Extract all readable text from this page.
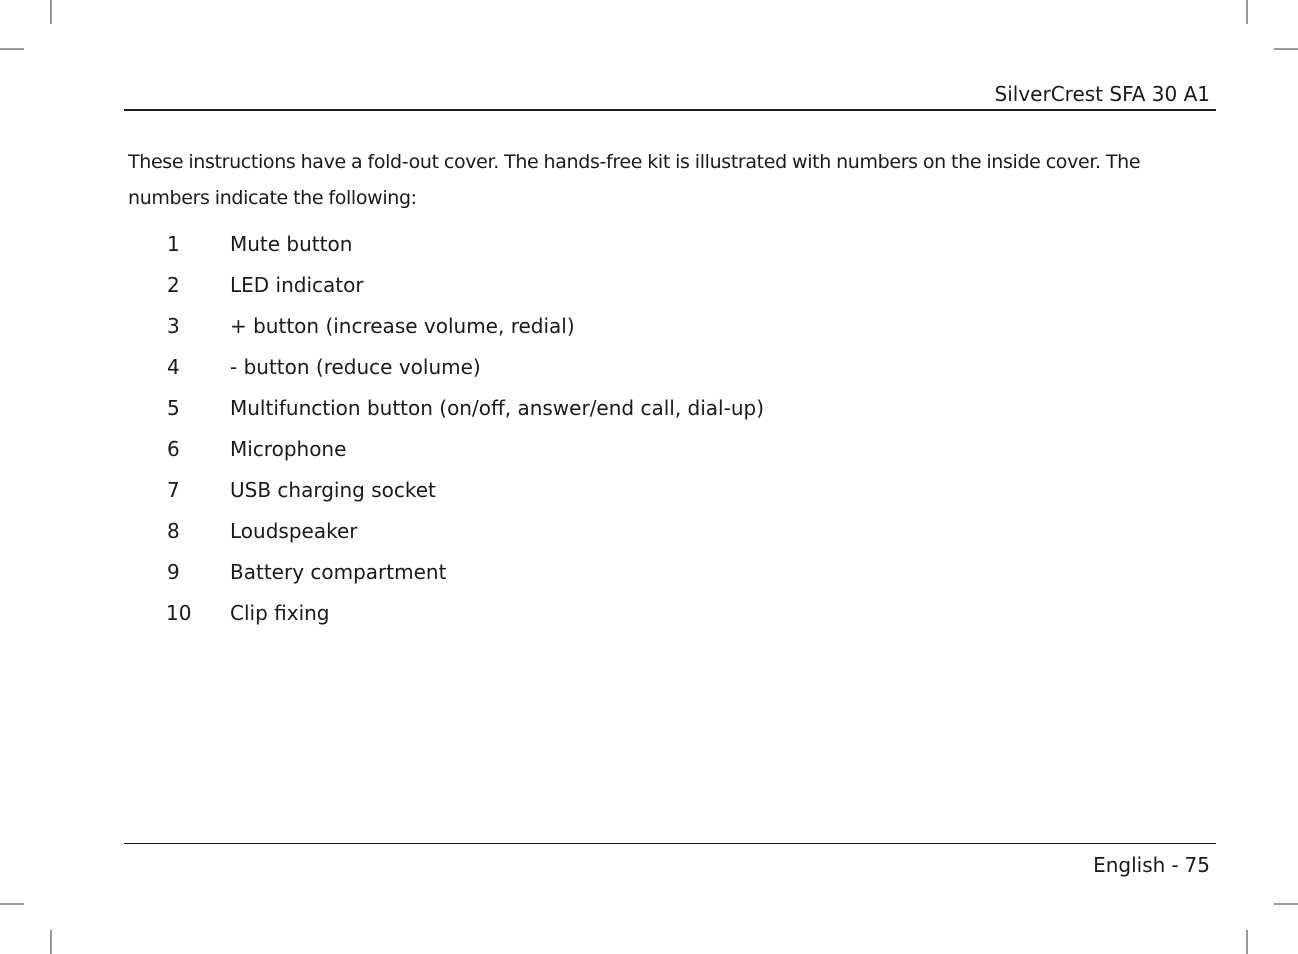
SilverCrest SFA 30 A1

These instructions have a fold-out cover. The hands-free kit is illustrated with numbers on the inside cover. The numbers indicate the following:

1	Mute button
2	LED indicator
3	+ button (increase volume, redial)
4	- button (reduce volume)
5	Multifunction button (on/off, answer/end call, dial-up)
6	Microphone
7	USB charging socket
8	Loudspeaker
9	Battery compartment
10	Clip fixing
English - 75
